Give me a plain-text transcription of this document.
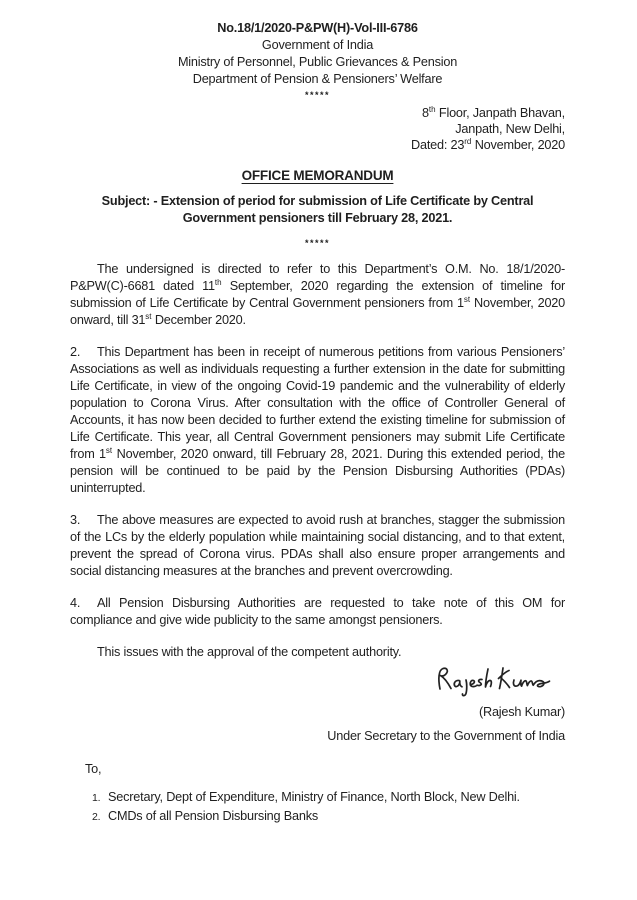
No.18/1/2020-P&PW(H)-Vol-III-6786
Government of India
Ministry of Personnel, Public Grievances & Pension
Department of Pension & Pensioners’ Welfare
*****
8th Floor, Janpath Bhavan,
Janpath, New Delhi,
Dated: 23rd November, 2020
OFFICE MEMORANDUM
Subject: - Extension of period for submission of Life Certificate by Central
Government pensioners till February 28, 2021.
*****

The undersigned is directed to refer to this Department’s O.M. No. 18/1/2020-P&PW(C)-6681 dated 11th September, 2020 regarding the extension of timeline for submission of Life Certificate by Central Government pensioners from 1st November, 2020 onward, till 31st December 2020.

2. This Department has been in receipt of numerous petitions from various Pensioners’ Associations as well as individuals requesting a further extension in the date for submitting Life Certificate, in view of the ongoing Covid-19 pandemic and the vulnerability of elderly population to Corona Virus. After consultation with the office of Controller General of Accounts, it has now been decided to further extend the existing timeline for submission of Life Certificate. This year, all Central Government pensioners may submit Life Certificate from 1st November, 2020 onward, till February 28, 2021. During this extended period, the pension will be continued to be paid by the Pension Disbursing Authorities (PDAs) uninterrupted.

3. The above measures are expected to avoid rush at branches, stagger the submission of the LCs by the elderly population while maintaining social distancing, and to that extent, prevent the spread of Corona virus. PDAs shall also ensure proper arrangements and social distancing measures at the branches and prevent overcrowding.

4. All Pension Disbursing Authorities are requested to take note of this OM for compliance and give wide publicity to the same amongst pensioners.

This issues with the approval of the competent authority.
(Rajesh Kumar)
Under Secretary to the Government of India
To,
1. Secretary, Dept of Expenditure, Ministry of Finance, North Block, New Delhi.
2. CMDs of all Pension Disbursing Banks
